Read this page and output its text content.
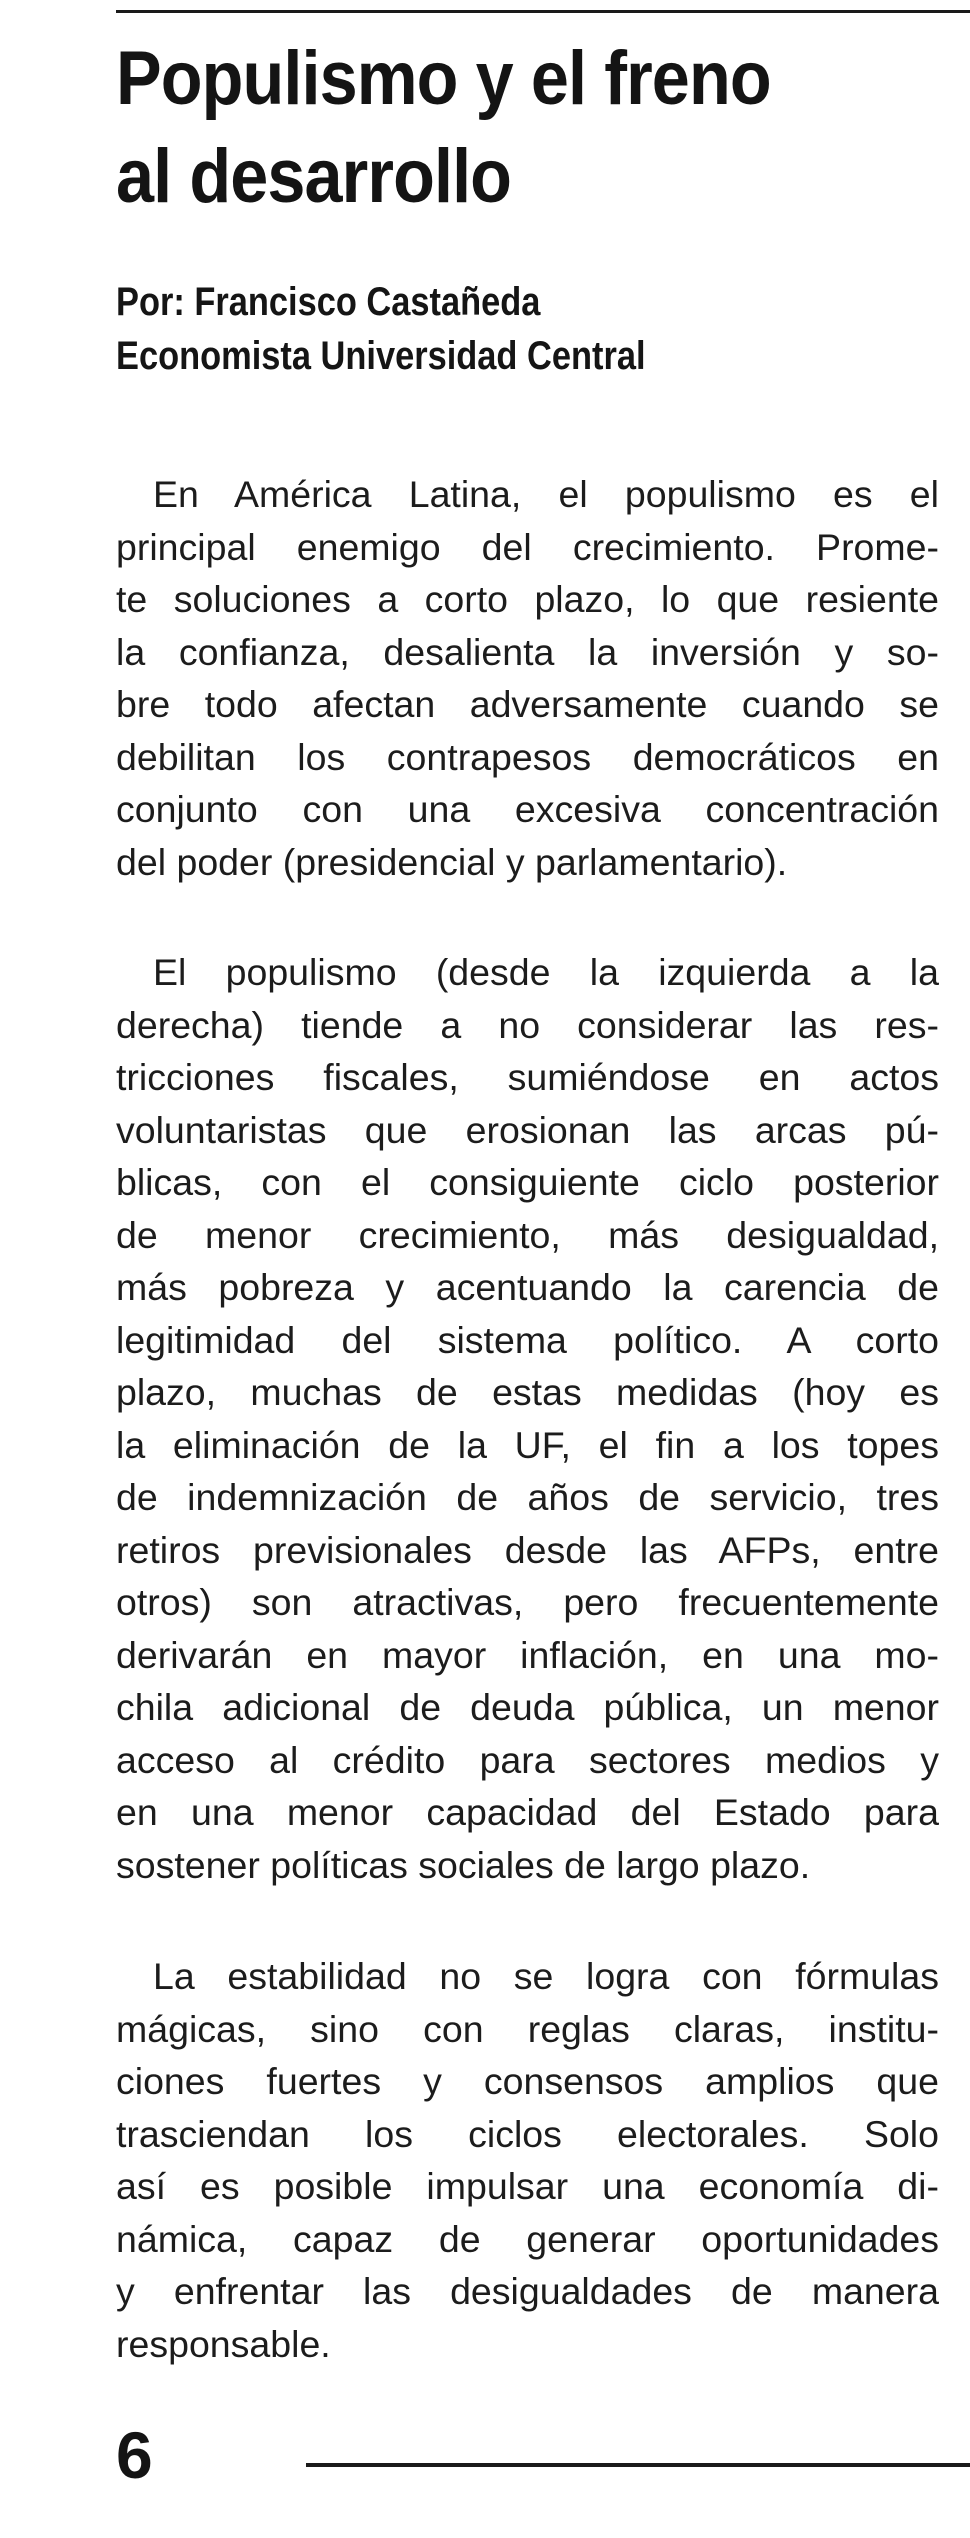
Populismo y el freno
al desarrollo
Por: Francisco Castañeda
Economista Universidad Central

En América Latina, el populismo es el
principal enemigo del crecimiento. Prome-
te soluciones a corto plazo, lo que resiente
la confianza, desalienta la inversión y so-
bre todo afectan adversamente cuando se
debilitan los contrapesos democráticos en
conjunto con una excesiva concentración
del poder (presidencial y parlamentario).

El populismo (desde la izquierda a la
derecha) tiende a no considerar las res-
tricciones fiscales, sumiéndose en actos
voluntaristas que erosionan las arcas pú-
blicas, con el consiguiente ciclo posterior
de menor crecimiento, más desigualdad,
más pobreza y acentuando la carencia de
legitimidad del sistema político. A corto
plazo, muchas de estas medidas (hoy es
la eliminación de la UF, el fin a los topes
de indemnización de años de servicio, tres
retiros previsionales desde las AFPs, entre
otros) son atractivas, pero frecuentemente
derivarán en mayor inflación, en una mo-
chila adicional de deuda pública, un menor
acceso al crédito para sectores medios y
en una menor capacidad del Estado para
sostener políticas sociales de largo plazo.

La estabilidad no se logra con fórmulas
mágicas, sino con reglas claras, institu-
ciones fuertes y consensos amplios que
trasciendan los ciclos electorales. Solo
así es posible impulsar una economía di-
námica, capaz de generar oportunidades
y enfrentar las desigualdades de manera
responsable.

6
